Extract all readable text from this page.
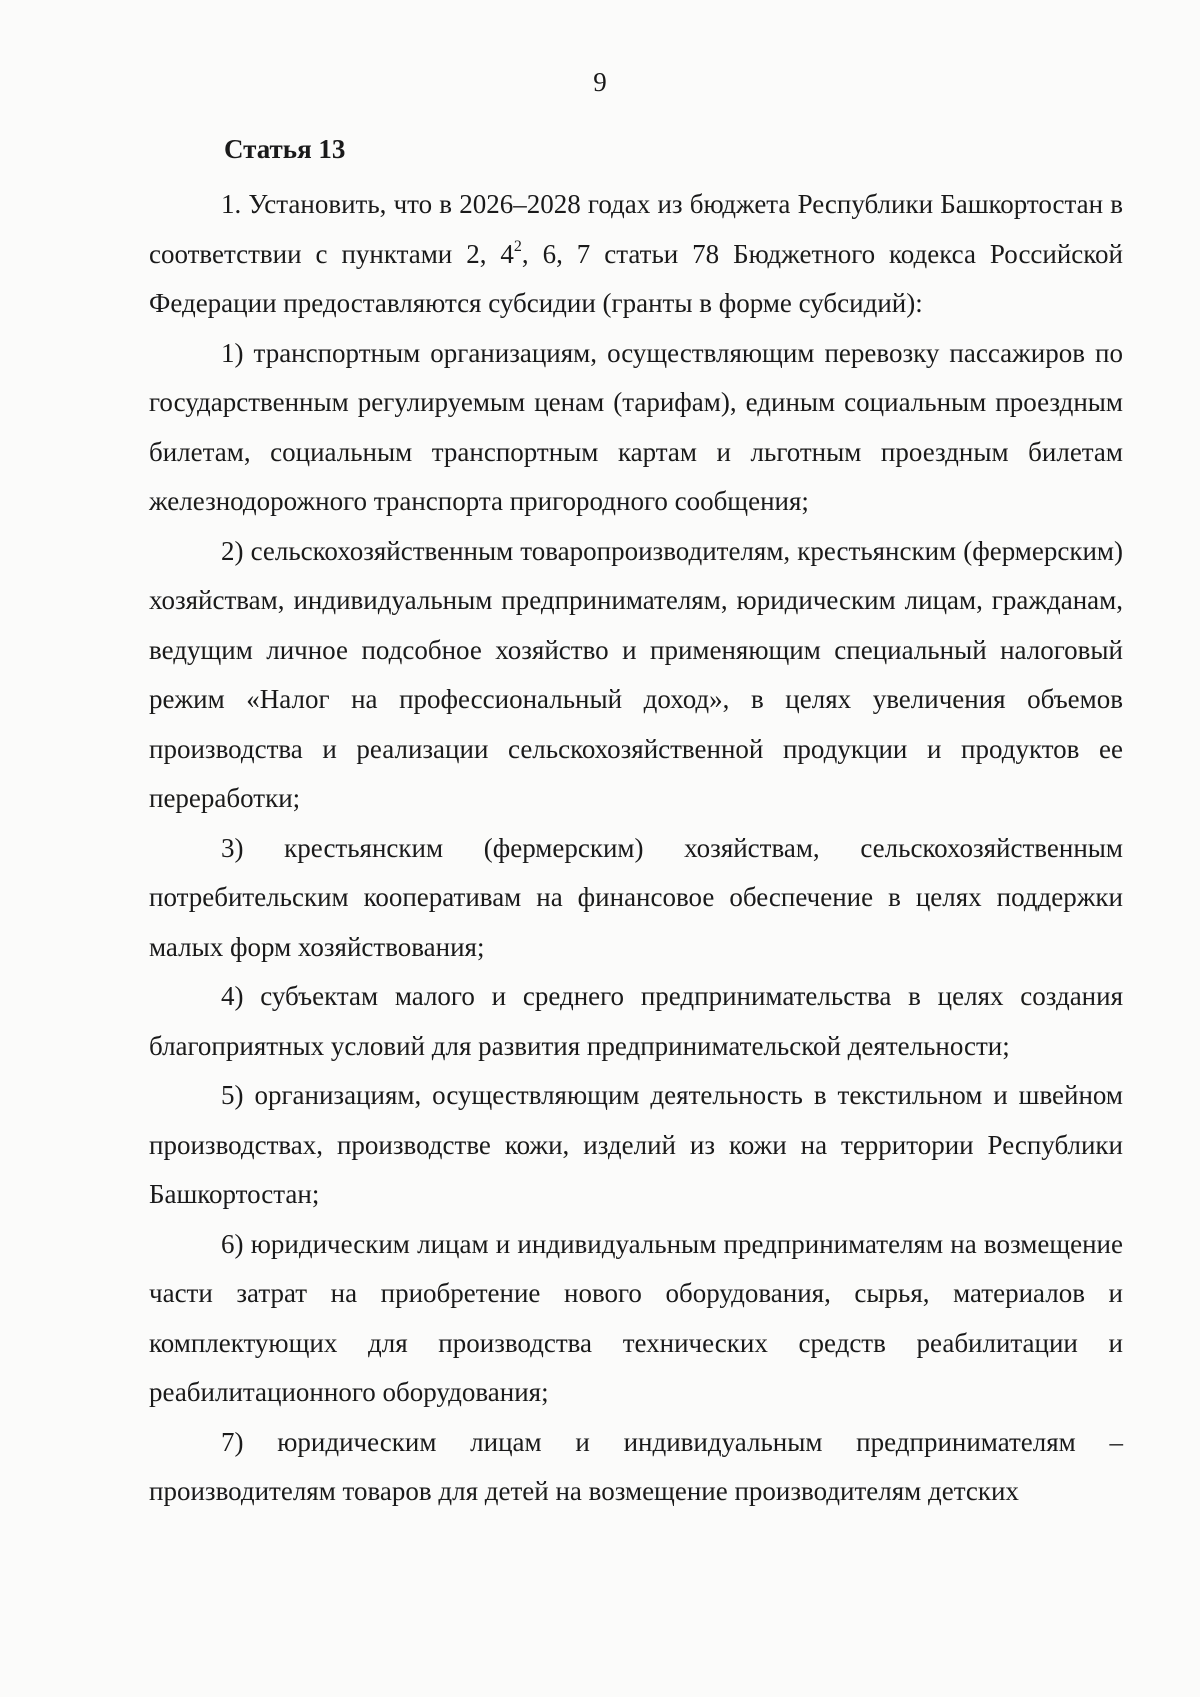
9
Статья 13

1. Установить, что в 2026–2028 годах из бюджета Республики Башкортостан в соответствии с пунктами 2, $4^2$, 6, 7 статьи 78 Бюджетного кодекса Российской Федерации предоставляются субсидии (гранты в форме субсидий):

1) транспортным организациям, осуществляющим перевозку пассажиров по государственным регулируемым ценам (тарифам), единым социальным проездным билетам, социальным транспортным картам и льготным проездным билетам железнодорожного транспорта пригородного сообщения;

2) сельскохозяйственным товаропроизводителям, крестьянским (фермерским) хозяйствам, индивидуальным предпринимателям, юридическим лицам, гражданам, ведущим личное подсобное хозяйство и применяющим специальный налоговый режим «Налог на профессиональный доход», в целях увеличения объемов производства и реализации сельскохозяйственной продукции и продуктов ее переработки;

3) крестьянским (фермерским) хозяйствам, сельскохозяйственным потребительским кооперативам на финансовое обеспечение в целях поддержки малых форм хозяйствования;

4) субъектам малого и среднего предпринимательства в целях создания благоприятных условий для развития предпринимательской деятельности;

5) организациям, осуществляющим деятельность в текстильном и швейном производствах, производстве кожи, изделий из кожи на территории Республики Башкортостан;

6) юридическим лицам и индивидуальным предпринимателям на возмещение части затрат на приобретение нового оборудования, сырья, материалов и комплектующих для производства технических средств реабилитации и реабилитационного оборудования;

7) юридическим лицам и индивидуальным предпринимателям – производителям товаров для детей на возмещение производителям детских
